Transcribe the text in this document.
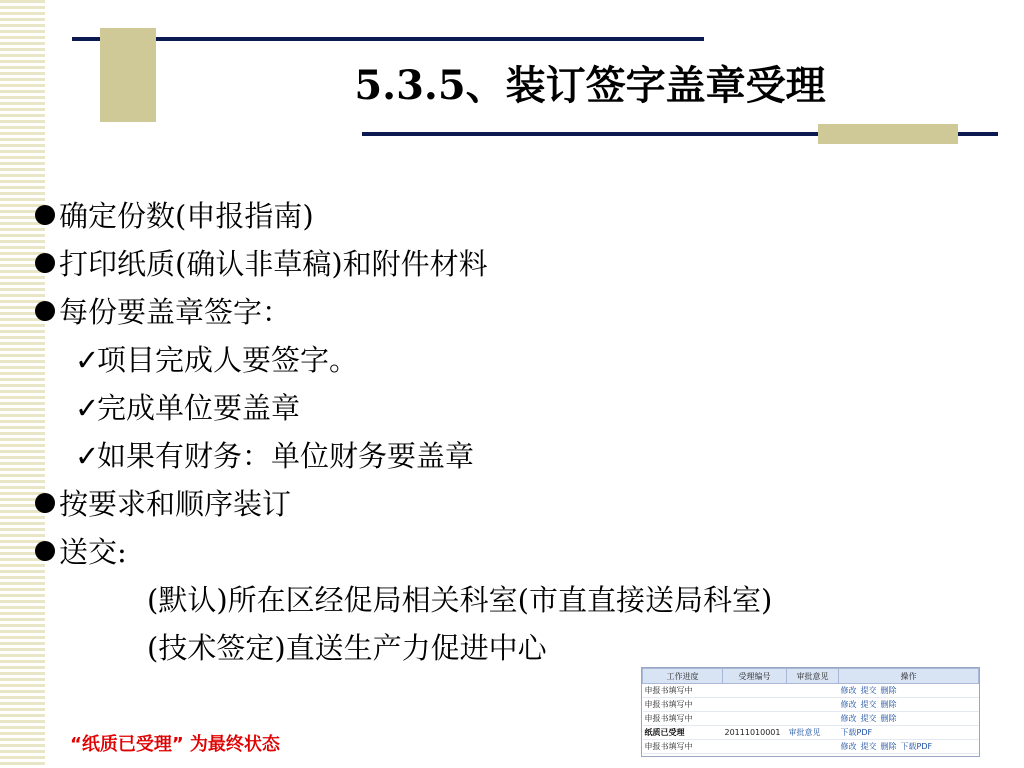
5.3.5、装订签字盖章受理
确定份数(申报指南)
打印纸质(确认非草稿)和附件材料
每份要盖章签字：
✓项目完成人要签字。
✓完成单位要盖章
✓如果有财务：单位财务要盖章
按要求和顺序装订
送交:
(默认)所在区经促局相关科室(市直直接送局科室)
(技术签定)直送生产力促进中心
“纸质已受理” 为最终状态
工作进度	受理编号	审批意见	操作
申报书填写中			修改 提交 删除
申报书填写中			修改 提交 删除
申报书填写中			修改 提交 删除
纸质已受理	20111010001	审批意见	下载PDF
申报书填写中			修改 提交 删除 下载PDF
